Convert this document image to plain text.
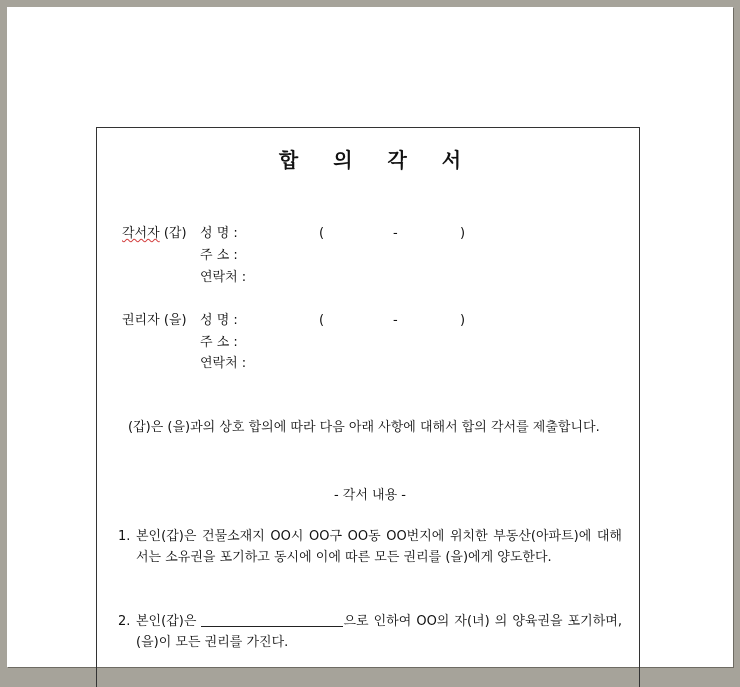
합 의 각 서
각서자 (갑) 성 명 :	(	-	)
주 소 :
연락처 :
권리자 (을) 성 명 :	(	-	)
주 소 :
연락처 :
(갑)은 (을)과의 상호 합의에 따라 다음 아래 사항에 대해서 합의 각서를 제출합니다.
- 각서 내용 -
1. 본인(갑)은 건물소재지 OO시 OO구 OO동 OO번지에 위치한 부동산(아파트)에 대해서는 소유권을 포기하고 동시에 이에 따른 모든 권리를 (을)에게 양도한다.
2. 본인(갑)은	으로 인하여 OO의 자(녀) 의 양육권을 포기하며, (을)이 모든 권리를 가진다.
